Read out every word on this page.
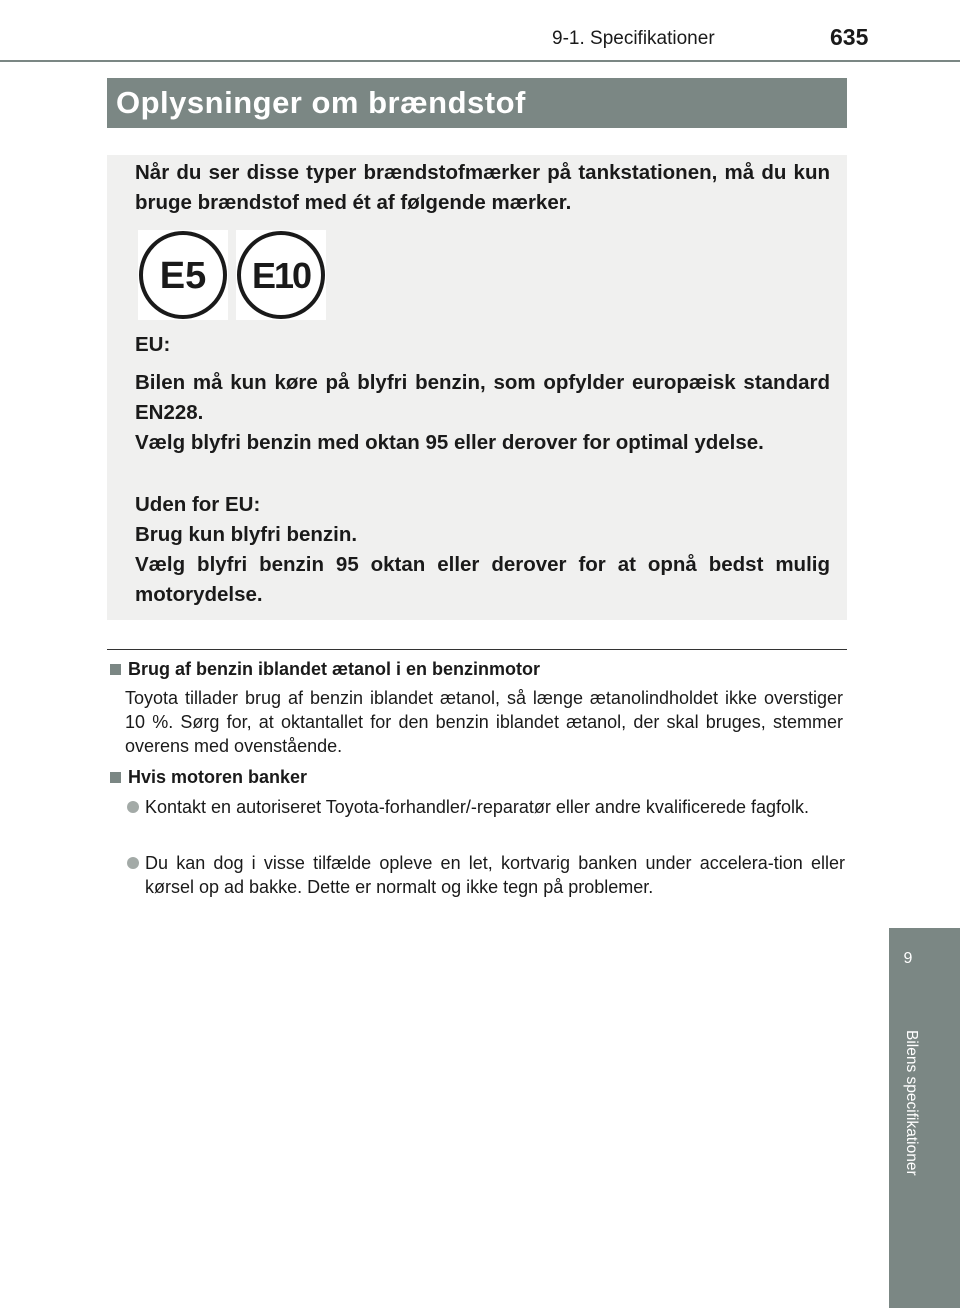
9-1. Specifikationer	635
Oplysninger om brændstof
Når du ser disse typer brændstofmærker på tankstationen, må du kun bruge brændstof med ét af følgende mærker.
E5 E10
EU:
Bilen må kun køre på blyfri benzin, som opfylder europæisk standard EN228.
Vælg blyfri benzin med oktan 95 eller derover for optimal ydelse.
Uden for EU:
Brug kun blyfri benzin.
Vælg blyfri benzin 95 oktan eller derover for at opnå bedst mulig motorydelse.
Brug af benzin iblandet ætanol i en benzinmotor
Toyota tillader brug af benzin iblandet ætanol, så længe ætanolindholdet ikke overstiger 10 %. Sørg for, at oktantallet for den benzin iblandet ætanol, der skal bruges, stemmer overens med ovenstående.
Hvis motoren banker
Kontakt en autoriseret Toyota-forhandler/-reparatør eller andre kvalificerede fagfolk.
Du kan dog i visse tilfælde opleve en let, kortvarig banken under accelera-tion eller kørsel op ad bakke. Dette er normalt og ikke tegn på problemer.
9
Bilens specifikationer
